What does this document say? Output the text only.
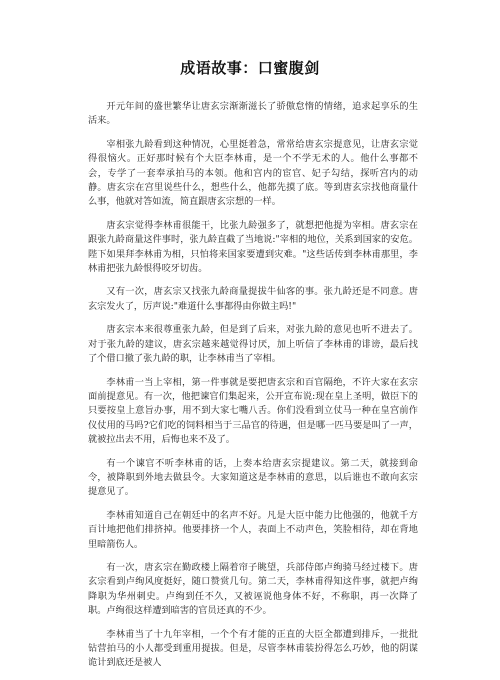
成语故事：口蜜腹剑

开元年间的盛世繁华让唐玄宗渐渐滋长了骄傲怠惰的情绪，追求起享乐的生活来。

宰相张九龄看到这种情况，心里挺着急，常常给唐玄宗提意见，让唐玄宗觉得很恼火。正好那时候有个大臣李林甫，是一个不学无术的人。他什么事都不会，专学了一套奉承拍马的本领。他和宫内的宦官、妃子勾结，探听宫内的动静。唐玄宗在宫里说些什么，想些什么，他都先摸了底。等到唐玄宗找他商量什么事，他就对答如流，简直跟唐玄宗想的一样。

唐玄宗觉得李林甫很能干，比张九龄强多了，就想把他提为宰相。唐玄宗在跟张九龄商量这件事时，张九龄直截了当地说:"宰相的地位，关系到国家的安危。陛下如果拜李林甫为相，只怕将来国家要遭到灾难。"这些话传到李林甫那里，李林甫把张九龄恨得咬牙切齿。

又有一次，唐玄宗又找张九龄商量提拔牛仙客的事。张九龄还是不同意。唐玄宗发火了，厉声说:"难道什么事都得由你做主吗!"

唐玄宗本来很尊重张九龄，但是到了后来，对张九龄的意见也听不进去了。对于张九龄的建议，唐玄宗越来越觉得讨厌，加上听信了李林甫的诽谤，最后找了个借口撤了张九龄的职，让李林甫当了宰相。

李林甫一当上宰相，第一件事就是要把唐玄宗和百官隔绝，不许大家在玄宗面前提意见。有一次，他把谏官们集起来，公开宣布说:现在皇上圣明，做臣下的只要按皇上意旨办事，用不到大家七嘴八舌。你们没看到立仗马一种在皇宫前作仪仗用的马吗?它们吃的饲料相当于三品官的待遇，但是哪一匹马要是叫了一声，就被拉出去不用，后悔也来不及了。

有一个谏官不听李林甫的话，上奏本给唐玄宗提建议。第二天，就接到命令，被降职到外地去做县令。大家知道这是李林甫的意思，以后谁也不敢向玄宗提意见了。

李林甫知道自己在朝廷中的名声不好。凡是大臣中能力比他强的，他就千方百计地把他们排挤掉。他要排挤一个人，表面上不动声色，笑脸相待，却在背地里暗箭伤人。

有一次，唐玄宗在勤政楼上隔着帘子眺望，兵部侍郎卢绚骑马经过楼下。唐玄宗看到卢绚风度挺好，随口赞赏几句。第二天，李林甫得知这件事，就把卢绚降职为华州刺史。卢绚到任不久，又被诬说他身体不好，不称职，再一次降了职。卢绚很这样遭到暗害的官员还真的不少。

李林甫当了十九年宰相，一个个有才能的正直的大臣全都遭到排斥，一批批钻营拍马的小人都受到重用提拔。但是，尽管李林甫装扮得怎么巧妙，他的阴谋诡计到底还是被人
